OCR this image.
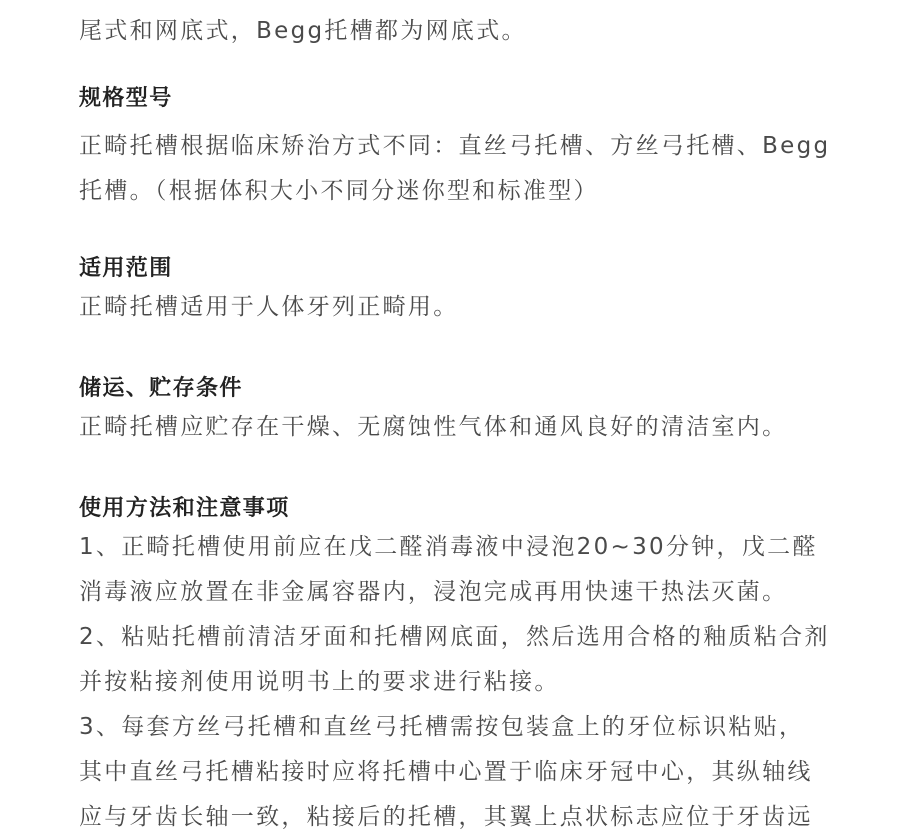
尾式和网底式，Begg托槽都为网底式。
规格型号
正畸托槽根据临床矫治方式不同：直丝弓托槽、方丝弓托槽、Begg
托槽。（根据体积大小不同分迷你型和标准型）
适用范围
正畸托槽适用于人体牙列正畸用。
储运、贮存条件
正畸托槽应贮存在干燥、无腐蚀性气体和通风良好的清洁室内。
使用方法和注意事项
1、正畸托槽使用前应在戊二醛消毒液中浸泡20~30分钟，戊二醛
消毒液应放置在非金属容器内，浸泡完成再用快速干热法灭菌。
2、粘贴托槽前清洁牙面和托槽网底面，然后选用合格的釉质粘合剂
并按粘接剂使用说明书上的要求进行粘接。
3、每套方丝弓托槽和直丝弓托槽需按包装盒上的牙位标识粘贴，
其中直丝弓托槽粘接时应将托槽中心置于临床牙冠中心，其纵轴线
应与牙齿长轴一致，粘接后的托槽，其翼上点状标志应位于牙齿远
